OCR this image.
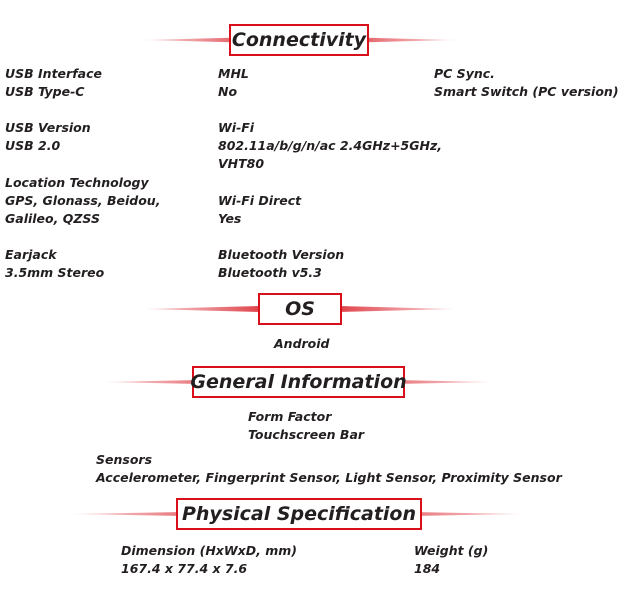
Connectivity
USB Interface
USB Type-C
MHL
No
PC Sync.
Smart Switch (PC version)
USB Version
USB 2.0
Wi-Fi
802.11a/b/g/n/ac 2.4GHz+5GHz,
VHT80
Location Technology
GPS, Glonass, Beidou,
Galileo, QZSS
Wi-Fi Direct
Yes
Earjack
3.5mm Stereo
Bluetooth Version
Bluetooth v5.3
OS
Android
General Information
Form Factor
Touchscreen Bar
Sensors
Accelerometer, Fingerprint Sensor, Light Sensor, Proximity Sensor
Physical Specification
Dimension (HxWxD, mm)
167.4 x 77.4 x 7.6
Weight (g)
184
